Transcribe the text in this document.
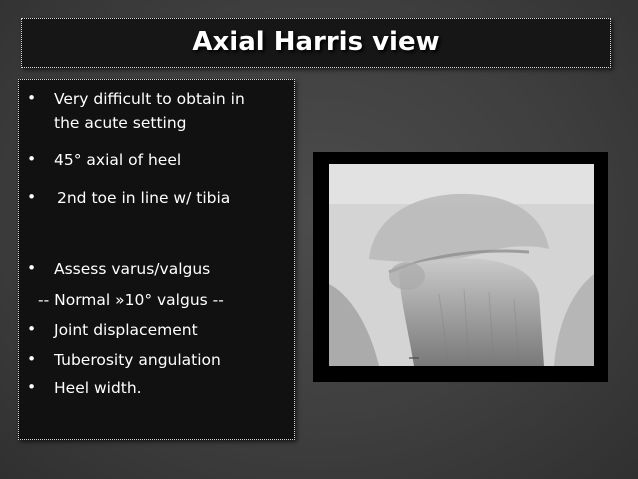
Axial Harris view
• Very difficult to obtain in
the acute setting
• 45° axial of heel
• 2nd toe in line w/ tibia
• Assess varus/valgus
-- Normal »10° valgus --
• Joint displacement
• Tuberosity angulation
• Heel width.
